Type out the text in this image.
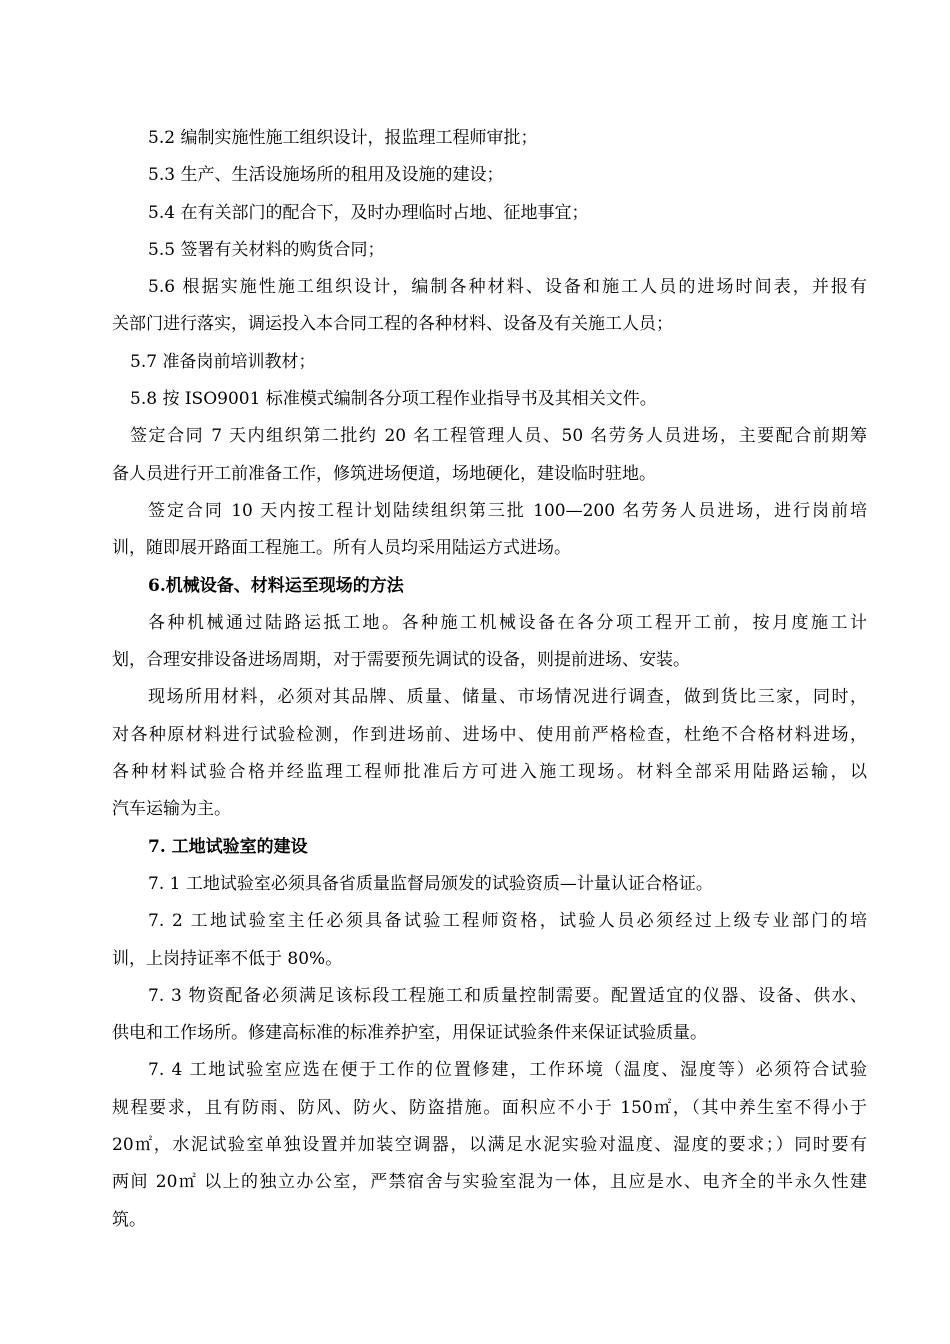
5.2 编制实施性施工组织设计，报监理工程师审批；
5.3 生产、生活设施场所的租用及设施的建设；
5.4 在有关部门的配合下，及时办理临时占地、征地事宜；
5.5 签署有关材料的购货合同；
5.6 根据实施性施工组织设计，编制各种材料、设备和施工人员的进场时间表，并报有
关部门进行落实，调运投入本合同工程的各种材料、设备及有关施工人员；
5.7 准备岗前培训教材；
5.8 按 ISO9001 标准模式编制各分项工程作业指导书及其相关文件。
签定合同 7 天内组织第二批约 20 名工程管理人员、50 名劳务人员进场，主要配合前期筹
备人员进行开工前准备工作，修筑进场便道，场地硬化，建设临时驻地。
签定合同 10 天内按工程计划陆续组织第三批 100—200 名劳务人员进场，进行岗前培
训，随即展开路面工程施工。所有人员均采用陆运方式进场。
6.机械设备、材料运至现场的方法
各种机械通过陆路运抵工地。各种施工机械设备在各分项工程开工前，按月度施工计
划，合理安排设备进场周期，对于需要预先调试的设备，则提前进场、安装。
现场所用材料，必须对其品牌、质量、储量、市场情况进行调查，做到货比三家，同时，
对各种原材料进行试验检测，作到进场前、进场中、使用前严格检查，杜绝不合格材料进场，
各种材料试验合格并经监理工程师批准后方可进入施工现场。材料全部采用陆路运输，以
汽车运输为主。
7. 工地试验室的建设
7. 1 工地试验室必须具备省质量监督局颁发的试验资质—计量认证合格证。
7. 2 工地试验室主任必须具备试验工程师资格，试验人员必须经过上级专业部门的培
训，上岗持证率不低于 80%。
7. 3 物资配备必须满足该标段工程施工和质量控制需要。配置适宜的仪器、设备、供水、
供电和工作场所。修建高标准的标准养护室，用保证试验条件来保证试验质量。
7. 4 工地试验室应选在便于工作的位置修建，工作环境（温度、湿度等）必须符合试验
规程要求，且有防雨、防风、防火、防盗措施。面积应不小于 150㎡，（其中养生室不得小于
20㎡，水泥试验室单独设置并加装空调器，以满足水泥实验对温度、湿度的要求；）同时要有
两间 20㎡ 以上的独立办公室，严禁宿舍与实验室混为一体，且应是水、电齐全的半永久性建
筑。
